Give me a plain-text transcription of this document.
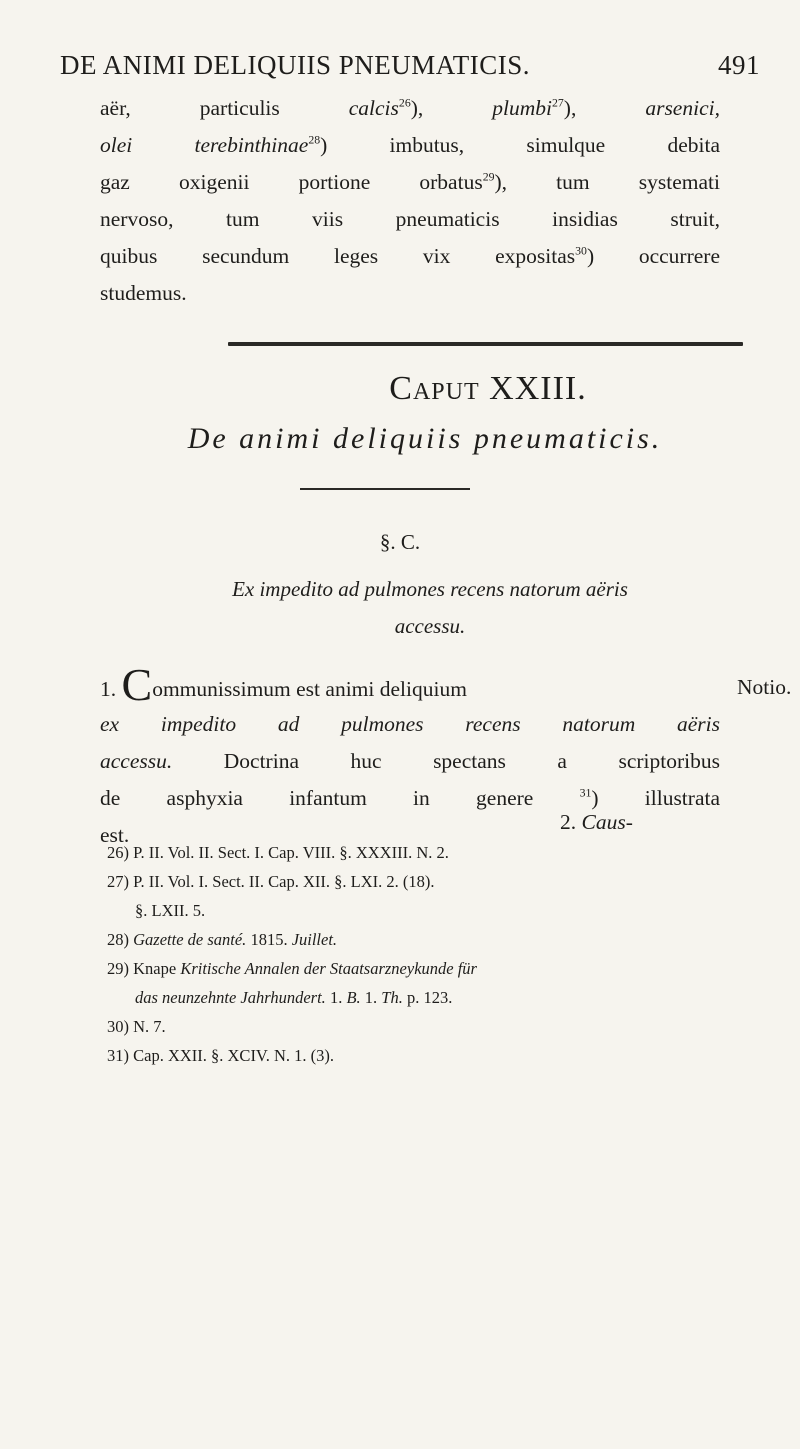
DE ANIMI DELIQUIIS PNEUMATICIS.	491
aër, particulis calcis$^{26}$), plumbi$^{27}$), arsenici,
olei terebinthinae$^{28}$) imbutus, simulque debita
gaz oxigenii portione orbatus$^{29}$), tum systemati
nervoso, tum viis pneumaticis insidias struit,
quibus secundum leges vix expositas$^{30}$) occurrere
studemus.
Caput XXIII.
De animi deliquiis pneumaticis.
§. C.
Ex impedito ad pulmones recens natorum aëris
accessu.
1. Communissimum est animi deliquium
ex impedito ad pulmones recens natorum aëris
accessu. Doctrina huc spectans a scriptoribus
de asphyxia infantum in genere $^{31}$) illustrata
est.
Notio.
2. Caus-
26) P. II. Vol. II. Sect. I. Cap. VIII. §. XXXIII. N. 2.
27) P. II. Vol. I. Sect. II. Cap. XII. §. LXI. 2. (18).
§. LXII. 5.
28) Gazette de santé. 1815. Juillet.
29) Knape Kritische Annalen der Staatsarzneykunde für
das neunzehnte Jahrhundert. 1. B. 1. Th. p. 123.
30) N. 7.
31) Cap. XXII. §. XCIV. N. 1. (3).
